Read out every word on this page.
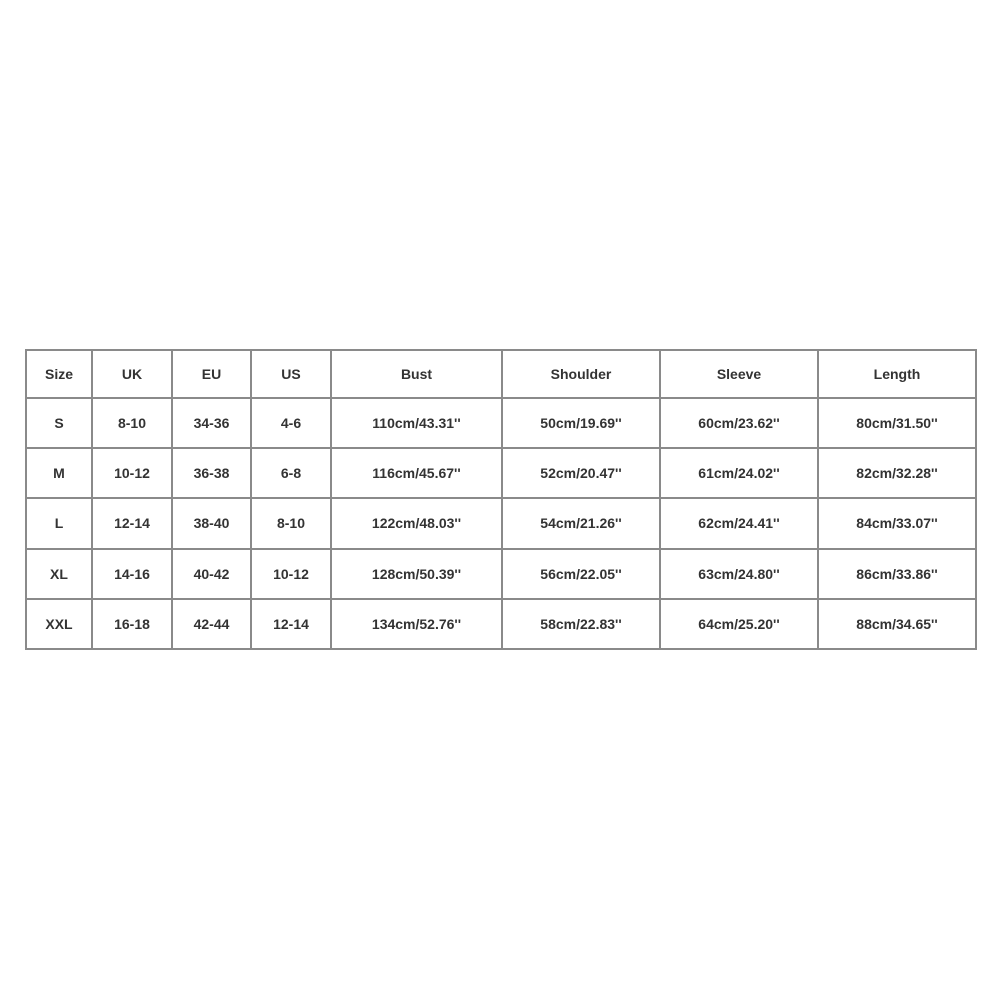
Size	UK	EU	US	Bust	Shoulder	Sleeve	Length
S	8-10	34-36	4-6	110cm/43.31''	50cm/19.69''	60cm/23.62''	80cm/31.50''
M	10-12	36-38	6-8	116cm/45.67''	52cm/20.47''	61cm/24.02''	82cm/32.28''
L	12-14	38-40	8-10	122cm/48.03''	54cm/21.26''	62cm/24.41''	84cm/33.07''
XL	14-16	40-42	10-12	128cm/50.39''	56cm/22.05''	63cm/24.80''	86cm/33.86''
XXL	16-18	42-44	12-14	134cm/52.76''	58cm/22.83''	64cm/25.20''	88cm/34.65''
